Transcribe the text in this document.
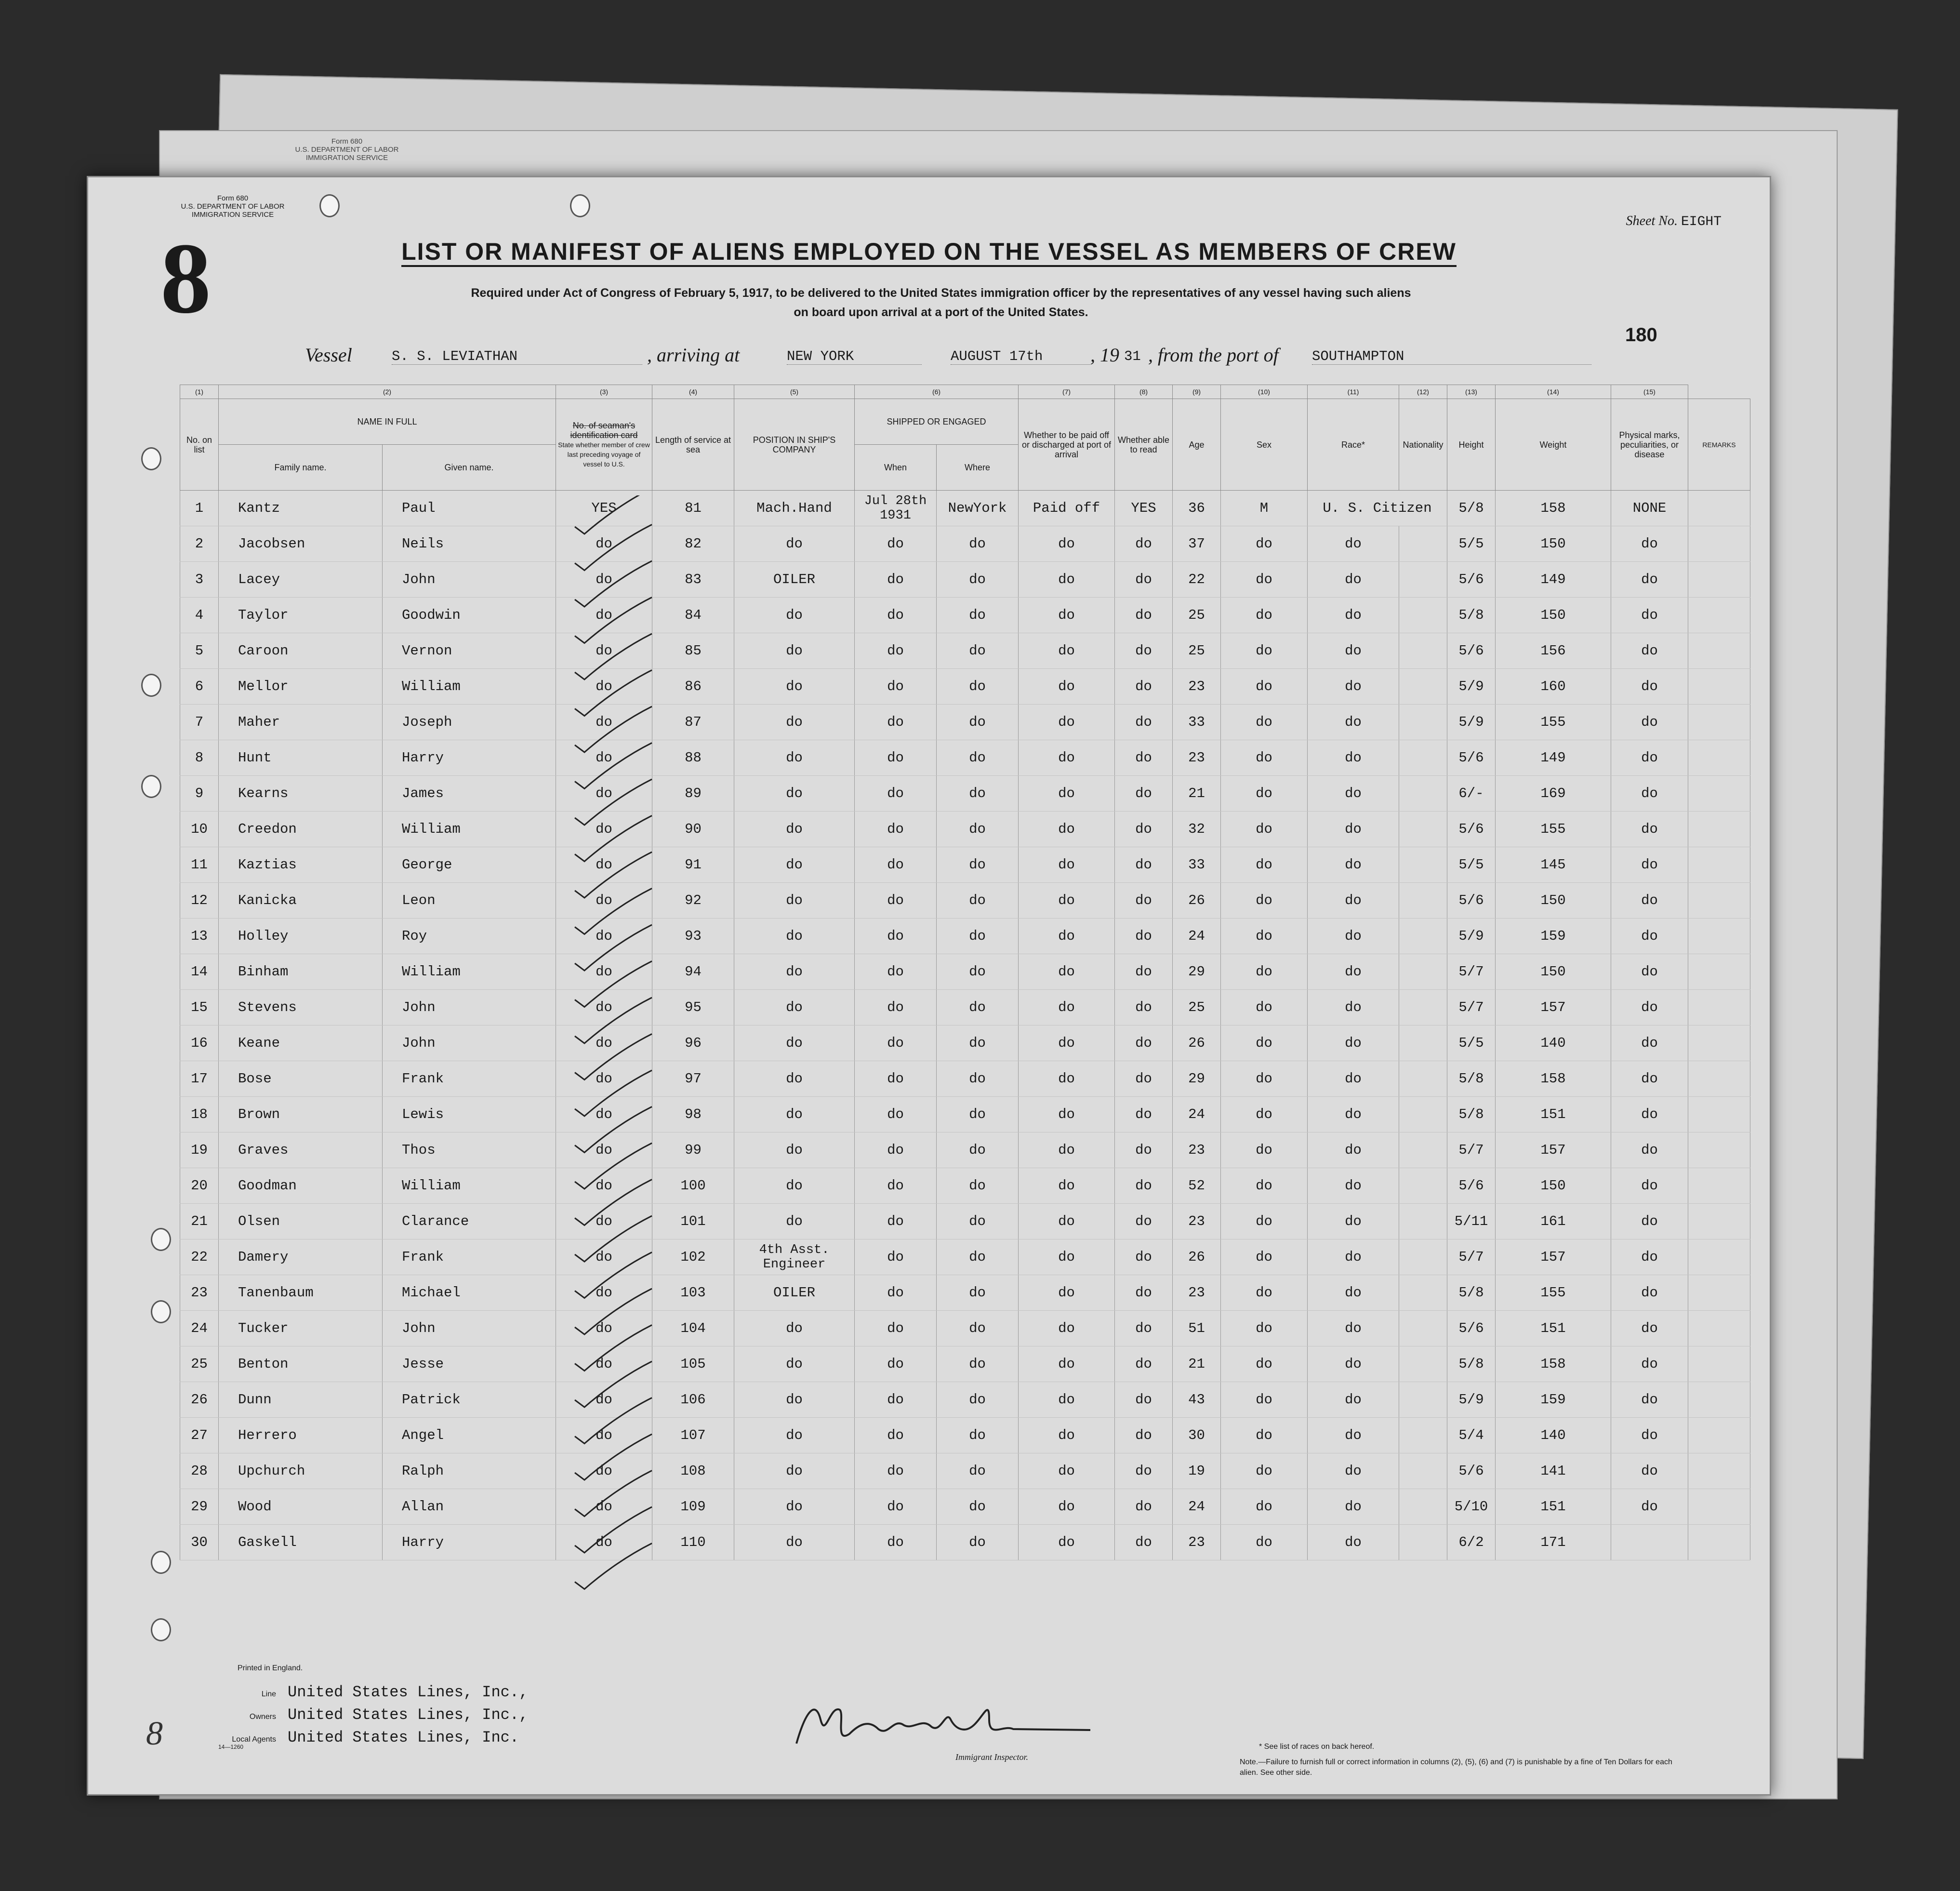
Form 680
U.S. DEPARTMENT OF LABOR
IMMIGRATION SERVICE
Form 680
U.S. DEPARTMENT OF LABOR
IMMIGRATION SERVICE
8
Sheet No. EIGHT
LIST OR MANIFEST OF ALIENS EMPLOYED ON THE VESSEL AS MEMBERS OF CREW
Required under Act of Congress of February 5, 1917, to be delivered to the United States immigration officer by the representatives of any vessel having such aliens
on board upon arrival at a port of the United States.
180
Vessel	S. S. LEVIATHAN	, arriving at	NEW YORK	AUGUST 17th	, 19 31 , from the port of SOUTHAMPTON
(1)	(2)		(3)	(4)	(5)	(6)		(7)	(8)	(9)	(10)	(11)	(12)	(13)	(14)	(15)	
No. on list	NAME IN FULL		No. of seaman's identification card
State whether member of crew last preceding voyage of vessel to U.S.	Length of service at sea	POSITION IN SHIP'S COMPANY	SHIPPED OR ENGAGED		Whether to be paid off or discharged at port of arrival	Whether able to read	Age	Sex	Race*	Nationality	Height	Weight	Physical marks, peculiarities, or disease	REMARKS
	Family name.	Given name.				When	Where										
1	Kantz	Paul	YES	81	Mach.Hand	Jul 28th 1931	NewYork	Paid off	YES	36	M	U. S. Citizen		5/8	158	NONE	
2	Jacobsen	Neils	do	82	do	do	do	do	do	37	do	do		5/5	150	do	
3	Lacey	John	do	83	OILER	do	do	do	do	22	do	do		5/6	149	do	
4	Taylor	Goodwin	do	84	do	do	do	do	do	25	do	do		5/8	150	do	
5	Caroon	Vernon	do	85	do	do	do	do	do	25	do	do		5/6	156	do	
6	Mellor	William	do	86	do	do	do	do	do	23	do	do		5/9	160	do	
7	Maher	Joseph	do	87	do	do	do	do	do	33	do	do		5/9	155	do	
8	Hunt	Harry	do	88	do	do	do	do	do	23	do	do		5/6	149	do	
9	Kearns	James	do	89	do	do	do	do	do	21	do	do		6/-	169	do	
10	Creedon	William	do	90	do	do	do	do	do	32	do	do		5/6	155	do	
11	Kaztias	George	do	91	do	do	do	do	do	33	do	do		5/5	145	do	
12	Kanicka	Leon	do	92	do	do	do	do	do	26	do	do		5/6	150	do	
13	Holley	Roy	do	93	do	do	do	do	do	24	do	do		5/9	159	do	
14	Binham	William	do	94	do	do	do	do	do	29	do	do		5/7	150	do	
15	Stevens	John	do	95	do	do	do	do	do	25	do	do		5/7	157	do	
16	Keane	John	do	96	do	do	do	do	do	26	do	do		5/5	140	do	
17	Bose	Frank	do	97	do	do	do	do	do	29	do	do		5/8	158	do	
18	Brown	Lewis	do	98	do	do	do	do	do	24	do	do		5/8	151	do	
19	Graves	Thos	do	99	do	do	do	do	do	23	do	do		5/7	157	do	
20	Goodman	William	do	100	do	do	do	do	do	52	do	do		5/6	150	do	
21	Olsen	Clarance	do	101	do	do	do	do	do	23	do	do		5/11	161	do	
22	Damery	Frank	do	102	4th Asst. Engineer	do	do	do	do	26	do	do		5/7	157	do	
23	Tanenbaum	Michael	do	103	OILER	do	do	do	do	23	do	do		5/8	155	do	
24	Tucker	John	do	104	do	do	do	do	do	51	do	do		5/6	151	do	
25	Benton	Jesse	do	105	do	do	do	do	do	21	do	do		5/8	158	do	
26	Dunn	Patrick	do	106	do	do	do	do	do	43	do	do		5/9	159	do	
27	Herrero	Angel	do	107	do	do	do	do	do	30	do	do		5/4	140	do	
28	Upchurch	Ralph	do	108	do	do	do	do	do	19	do	do		5/6	141	do	
29	Wood	Allan	do	109	do	do	do	do	do	24	do	do		5/10	151	do	
30	Gaskell	Harry	do	110	do	do	do	do	do	23	do	do		6/2	171		
Printed in England.
8
Line United States Lines, Inc.,
Owners United States Lines, Inc.,
Local Agents United States Lines, Inc.
14—1260
Immigrant Inspector.
* See list of races on back hereof.
Note.—Failure to furnish full or correct information in columns (2), (5), (6) and (7) is punishable by a fine of Ten Dollars for each alien. See other side.
